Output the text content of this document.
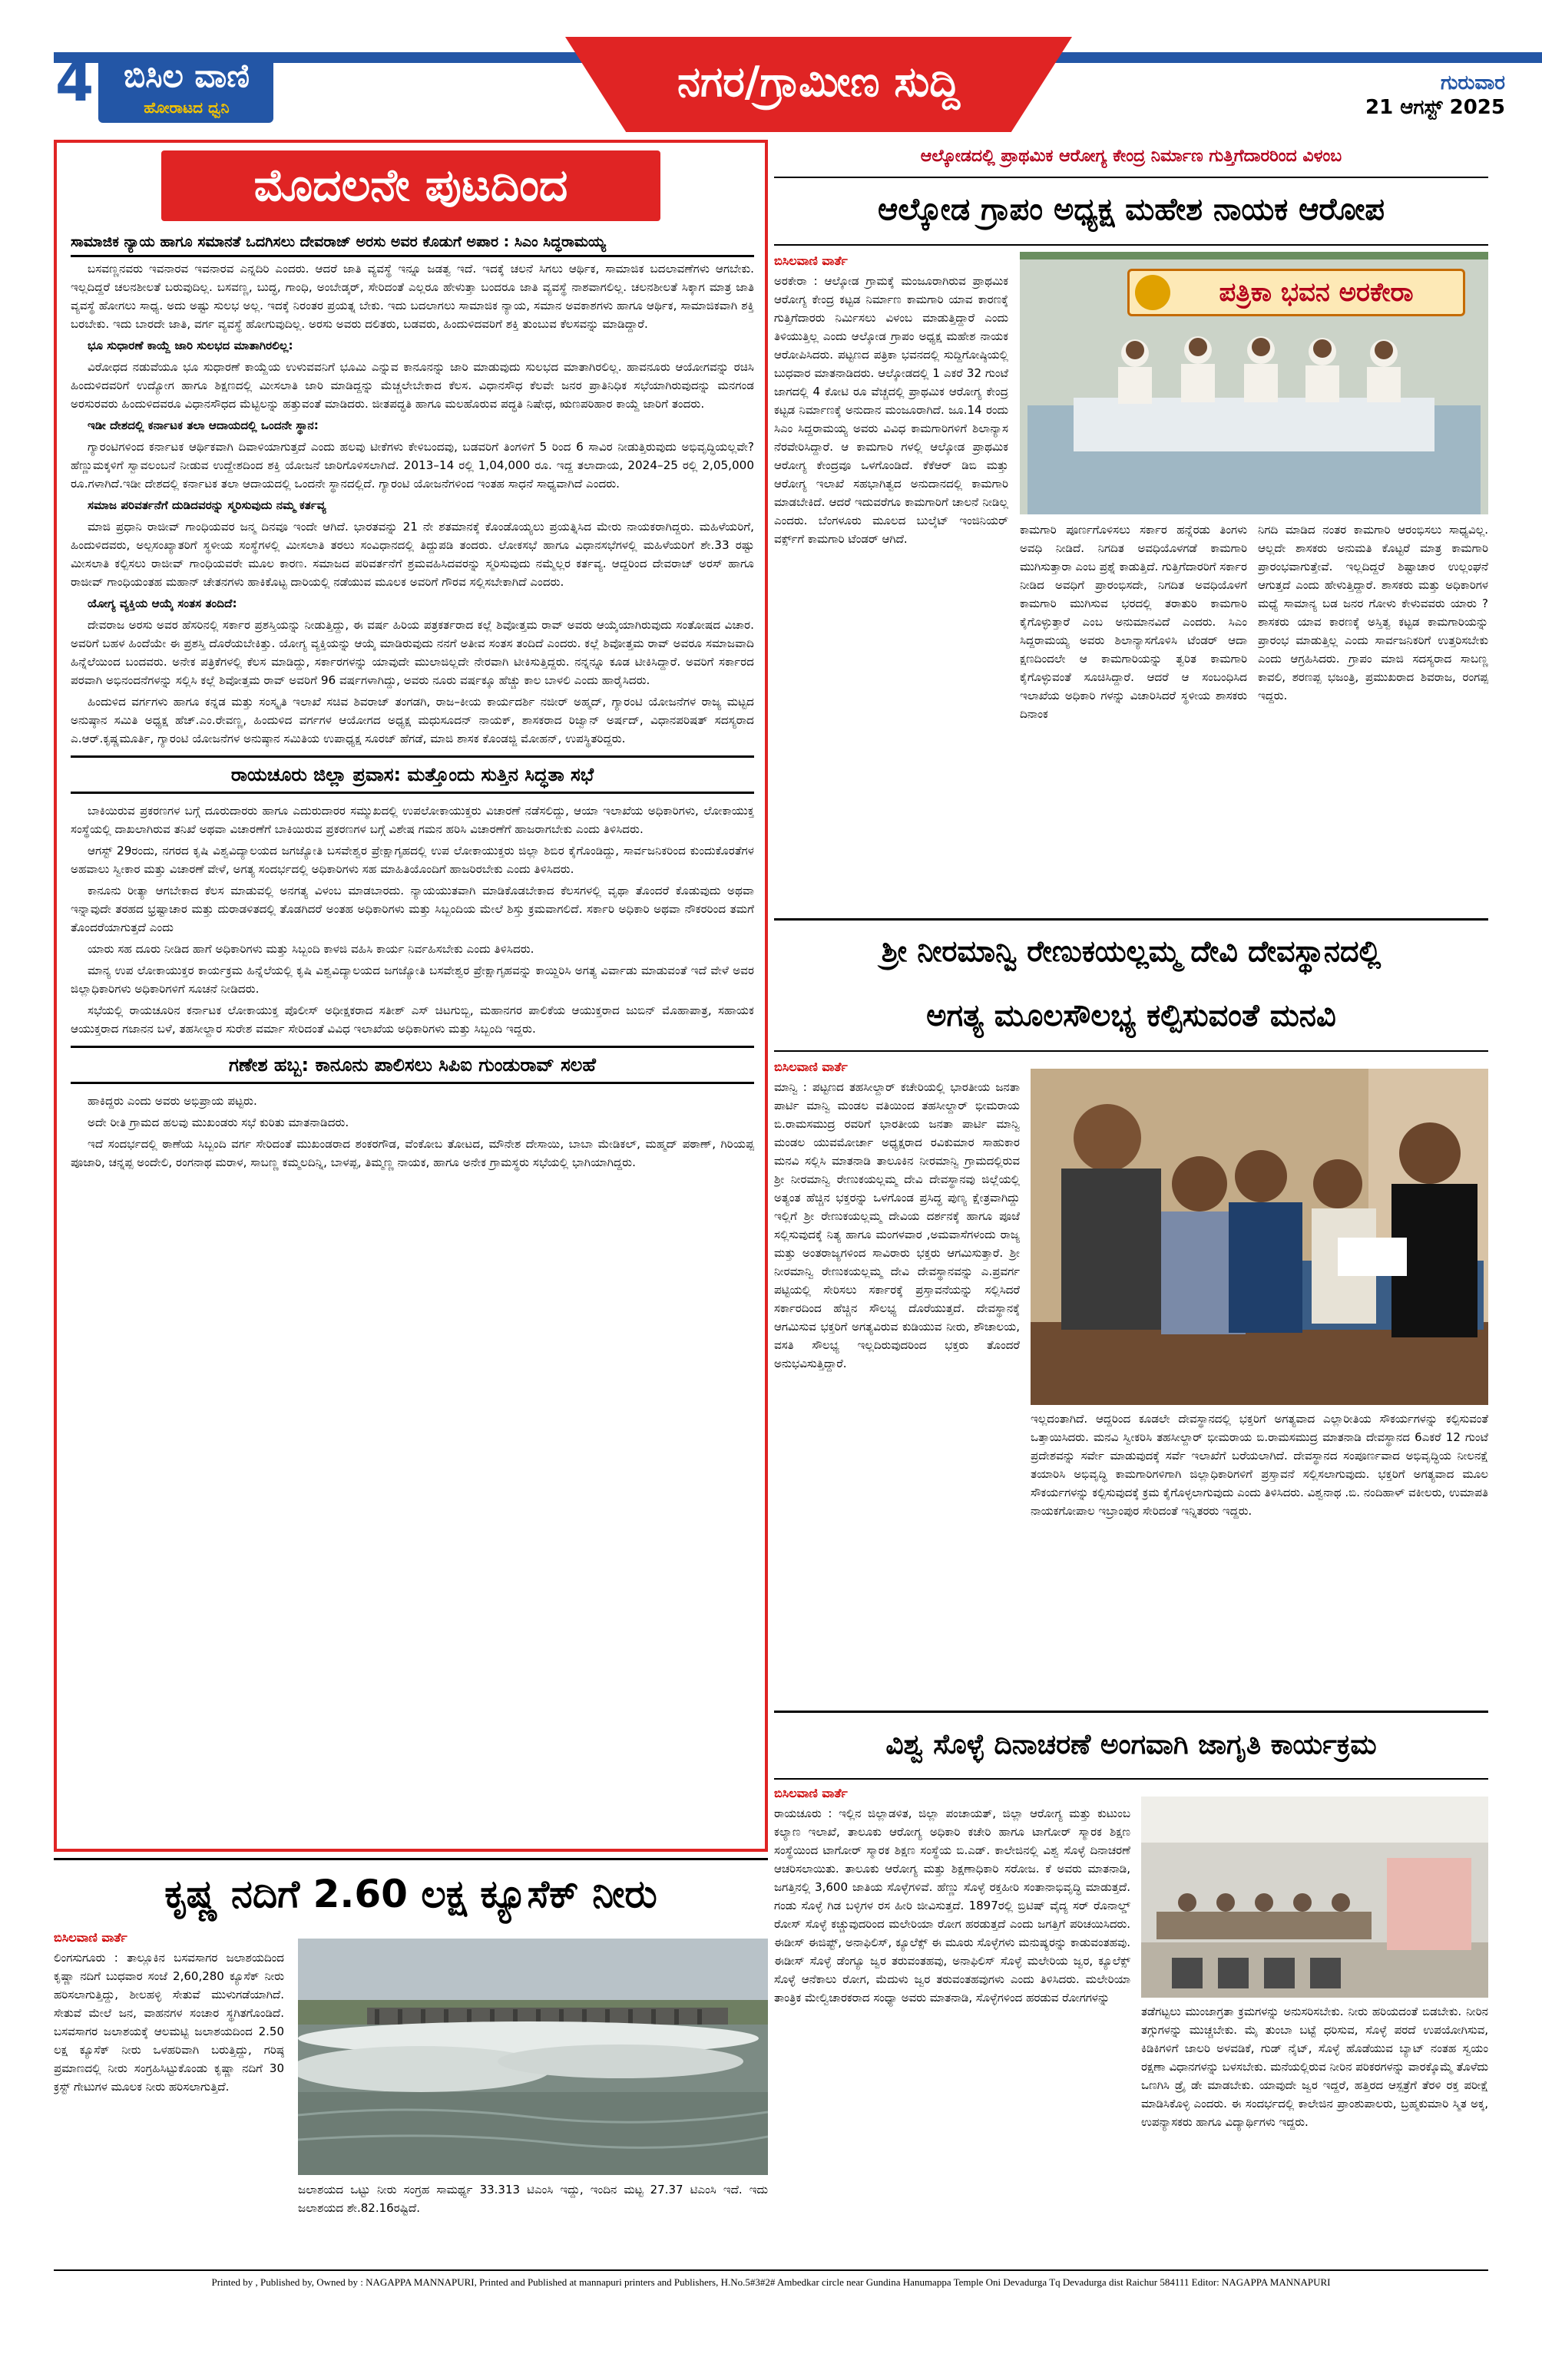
4 ಬಿಸಿಲ ವಾಣಿ
ಹೋರಾಟದ ಧ್ವನಿ
ನಗರ/ಗ್ರಾಮೀಣ ಸುದ್ದಿ	ಗುರುವಾರ
21 ಆಗಸ್ಟ್ 2025
ಮೊದಲನೇ ಪುಟದಿಂದ
ಸಾಮಾಜಿಕ ನ್ಯಾಯ ಹಾಗೂ ಸಮಾನತೆ ಒದಗಿಸಲು ದೇವರಾಜ್ ಅರಸು ಅವರ ಕೊಡುಗೆ ಅಪಾರ : ಸಿಎಂ ಸಿದ್ಧರಾಮಯ್ಯ

ಬಸವಣ್ಣನವರು ಇವನಾರವ ಇವನಾರವ ಎನ್ನದಿರಿ ಎಂದರು. ಆದರೆ ಜಾತಿ ವ್ಯವಸ್ಥೆ ಇನ್ನೂ ಜಡತ್ವ ಇದೆ. ಇದಕ್ಕೆ ಚಲನೆ ಸಿಗಲು ಆರ್ಥಿಕ, ಸಾಮಾಜಿಕ ಬದಲಾವಣೆಗಳು ಆಗಬೇಕು. ಇಲ್ಲದಿದ್ದರೆ ಚಲನಶೀಲತೆ ಬರುವುದಿಲ್ಲ. ಬಸವಣ್ಣ, ಬುದ್ಧ, ಗಾಂಧಿ, ಅಂಬೇಡ್ಕರ್, ಸೇರಿದಂತೆ ಎಲ್ಲರೂ ಹೇಳುತ್ತಾ ಬಂದರೂ ಜಾತಿ ವ್ಯವಸ್ಥೆ ನಾಶವಾಗಲಿಲ್ಲ. ಚಲನಶೀಲತೆ ಸಿಕ್ಕಾಗ ಮಾತ್ರ ಜಾತಿ ವ್ಯವಸ್ಥೆ ಹೋಗಲು ಸಾಧ್ಯ. ಅದು ಅಷ್ಟು ಸುಲಭ ಅಲ್ಲ. ಇದಕ್ಕೆ ನಿರಂತರ ಪ್ರಯತ್ನ ಬೇಕು. ಇದು ಬದಲಾಗಲು ಸಾಮಾಜಿಕ ನ್ಯಾಯ, ಸಮಾನ ಅವಕಾಶಗಳು ಹಾಗೂ ಆರ್ಥಿಕ, ಸಾಮಾಜಿಕವಾಗಿ ಶಕ್ತಿ ಬರಬೇಕು. ಇದು ಬಾರದೇ ಜಾತಿ, ವರ್ಗ ವ್ಯವಸ್ಥೆ ಹೋಗುವುದಿಲ್ಲ. ಅರಸು ಅವರು ದಲಿತರು, ಬಡವರು, ಹಿಂದುಳಿದವರಿಗೆ ಶಕ್ತಿ ತುಂಬುವ ಕೆಲಸವನ್ನು ಮಾಡಿದ್ದಾರೆ.

ಭೂ ಸುಧಾರಣೆ ಕಾಯ್ದೆ ಜಾರಿ ಸುಲಭದ ಮಾತಾಗಿರಲಿಲ್ಲ:

ವಿರೋಧದ ನಡುವೆಯೂ ಭೂ ಸುಧಾರಣೆ ಕಾಯ್ದೆಯ ಉಳುವವನಿಗೆ ಭೂಮಿ ಎನ್ನುವ ಕಾನೂನನ್ನು ಜಾರಿ ಮಾಡುವುದು ಸುಲಭದ ಮಾತಾಗಿರಲಿಲ್ಲ. ಹಾವನೂರು ಆಯೋಗವನ್ನು ರಚಿಸಿ ಹಿಂದುಳಿದವರಿಗೆ ಉದ್ಯೋಗ ಹಾಗೂ ಶಿಕ್ಷಣದಲ್ಲಿ ಮೀಸಲಾತಿ ಜಾರಿ ಮಾಡಿದ್ದನ್ನು ಮೆಚ್ಚಲೇಬೇಕಾದ ಕೆಲಸ. ವಿಧಾನಸೌಧ ಕೆಲವೇ ಜನರ ಪ್ರಾತಿನಿಧಿಕ ಸಭೆಯಾಗಿರುವುದನ್ನು ಮನಗಂಡ ಅರಸುರವರು ಹಿಂದುಳಿದವರೂ ವಿಧಾನಸೌಧದ ಮೆಟ್ಟಿಲನ್ನು ಹತ್ತುವಂತೆ ಮಾಡಿದರು. ಜೀತಪದ್ಧತಿ ಹಾಗೂ ಮಲಹೊರುವ ಪದ್ಧತಿ ನಿಷೇಧ, ಋಣಪರಿಹಾರ ಕಾಯ್ದೆ ಜಾರಿಗೆ ತಂದರು.

ಇಡೀ ದೇಶದಲ್ಲಿ ಕರ್ನಾಟಕ ತಲಾ ಆದಾಯದಲ್ಲಿ ಒಂದನೇ ಸ್ಥಾನ:

ಗ್ಯಾರಂಟಿಗಳಿಂದ ಕರ್ನಾಟಕ ಆರ್ಥಿಕವಾಗಿ ದಿವಾಳಿಯಾಗುತ್ತದೆ ಎಂದು ಹಲವು ಟೀಕೆಗಳು ಕೇಳಿಬಂದವು, ಬಡವರಿಗೆ ತಿಂಗಳಿಗೆ 5 ರಿಂದ 6 ಸಾವಿರ ನೀಡುತ್ತಿರುವುದು ಅಭಿವೃದ್ಧಿಯಲ್ಲವೇ? ಹೆಣ್ಣುಮಕ್ಕಳಿಗೆ ಸ್ವಾವಲಂಬನೆ ನೀಡುವ ಉದ್ದೇಶದಿಂದ ಶಕ್ತಿ ಯೋಜನೆ ಜಾರಿಗೊಳಿಸಲಾಗಿದೆ. 2013–14 ರಲ್ಲಿ 1,04,000 ರೂ. ಇದ್ದ ತಲಾದಾಯ, 2024–25 ರಲ್ಲಿ 2,05,000 ರೂ.ಗಳಾಗಿದೆ.ಇಡೀ ದೇಶದಲ್ಲಿ ಕರ್ನಾಟಕ ತಲಾ ಆದಾಯದಲ್ಲಿ ಒಂದನೇ ಸ್ಥಾನದಲ್ಲಿದೆ. ಗ್ಯಾರಂಟಿ ಯೋಜನೆಗಳಿಂದ ಇಂತಹ ಸಾಧನೆ ಸಾಧ್ಯವಾಗಿದೆ ಎಂದರು.

ಸಮಾಜ ಪರಿವರ್ತನೆಗೆ ದುಡಿದವರನ್ನು ಸ್ಮರಿಸುವುದು ನಮ್ಮ ಕರ್ತವ್ಯ

ಮಾಜಿ ಪ್ರಧಾನಿ ರಾಜೀವ್ ಗಾಂಧಿಯವರ ಜನ್ಮ ದಿನವೂ ಇಂದೇ ಆಗಿದೆ. ಭಾರತವನ್ನು 21 ನೇ ಶತಮಾನಕ್ಕೆ ಕೊಂಡೊಯ್ಯಲು ಪ್ರಯತ್ನಿಸಿದ ಮೇರು ನಾಯಕರಾಗಿದ್ದರು. ಮಹಿಳೆಯರಿಗೆ, ಹಿಂದುಳಿದವರು, ಅಲ್ಪಸಂಖ್ಯಾತರಿಗೆ ಸ್ಥಳೀಯ ಸಂಸ್ಥೆಗಳಲ್ಲಿ ಮೀಸಲಾತಿ ತರಲು ಸಂವಿಧಾನದಲ್ಲಿ ತಿದ್ದುಪಡಿ ತಂದರು. ಲೋಕಸಭೆ ಹಾಗೂ ವಿಧಾನಸಭೆಗಳಲ್ಲಿ ಮಹಿಳೆಯರಿಗೆ ಶೇ.33 ರಷ್ಟು ಮೀಸಲಾತಿ ಕಲ್ಪಿಸಲು ರಾಜೀವ್ ಗಾಂಧಿಯವರೇ ಮೂಲ ಕಾರಣ. ಸಮಾಜದ ಪರಿವರ್ತನೆಗೆ ಶ್ರಮವಹಿಸಿದವರನ್ನು ಸ್ಮರಿಸುವುದು ನಮ್ಮೆಲ್ಲರ ಕರ್ತವ್ಯ. ಆದ್ದರಿಂದ ದೇವರಾಜ್ ಅರಸ್ ಹಾಗೂ ರಾಜೀವ್ ಗಾಂಧಿಯಂತಹ ಮಹಾನ್ ಚೇತನಗಳು ಹಾಕಿಕೊಟ್ಟ ದಾರಿಯಲ್ಲಿ ನಡೆಯುವ ಮೂಲಕ ಅವರಿಗೆ ಗೌರವ ಸಲ್ಲಿಸಬೇಕಾಗಿದೆ ಎಂದರು.

ಯೋಗ್ಯ ವ್ಯಕ್ತಿಯ ಆಯ್ಕೆ ಸಂತಸ ತಂದಿದೆ:

ದೇವರಾಜ ಅರಸು ಅವರ ಹೆಸರಿನಲ್ಲಿ ಸರ್ಕಾರ ಪ್ರಶಸ್ತಿಯನ್ನು ನೀಡುತ್ತಿದ್ದು, ಈ ವರ್ಷ ಹಿರಿಯ ಪತ್ರಕರ್ತರಾದ ಕಲ್ಲೆ ಶಿವೋತ್ತಮ ರಾವ್ ಅವರು ಆಯ್ಕೆಯಾಗಿರುವುದು ಸಂತೋಷದ ವಿಚಾರ. ಅವರಿಗೆ ಬಹಳ ಹಿಂದೆಯೇ ಈ ಪ್ರಶಸ್ತಿ ದೊರೆಯಬೇಕಿತ್ತು. ಯೋಗ್ಯ ವ್ಯಕ್ತಿಯನ್ನು ಆಯ್ಕೆ ಮಾಡಿರುವುದು ನನಗೆ ಅತೀವ ಸಂತಸ ತಂದಿದೆ ಎಂದರು. ಕಲ್ಲೆ ಶಿವೋತ್ತಮ ರಾವ್ ಅವರೂ ಸಮಾಜವಾದಿ ಹಿನ್ನೆಲೆಯಿಂದ ಬಂದವರು. ಅನೇಕ ಪತ್ರಿಕೆಗಳಲ್ಲಿ ಕೆಲಸ ಮಾಡಿದ್ದು, ಸರ್ಕಾರಗಳನ್ನು ಯಾವುದೇ ಮುಲಾಜಿಲ್ಲದೇ ನೇರವಾಗಿ ಟೀಕಿಸುತ್ತಿದ್ದರು. ನನ್ನನ್ನೂ ಕೂಡ ಟೀಕಿಸಿದ್ದಾರೆ. ಅವರಿಗೆ ಸರ್ಕಾರದ ಪರವಾಗಿ ಅಭಿನಂದನೆಗಳನ್ನು ಸಲ್ಲಿಸಿ ಕಲ್ಲೆ ಶಿವೋತ್ತಮ ರಾವ್ ಅವರಿಗೆ 96 ವರ್ಷಗಳಾಗಿದ್ದು, ಅವರು ನೂರು ವರ್ಷಕ್ಕೂ ಹೆಚ್ಚು ಕಾಲ ಬಾಳಲಿ ಎಂದು ಹಾರೈಸಿದರು.

ಹಿಂದುಳಿದ ವರ್ಗಗಳು ಹಾಗೂ ಕನ್ನಡ ಮತ್ತು ಸಂಸ್ಕೃತಿ ಇಲಾಖೆ ಸಚಿವ ಶಿವರಾಜ್ ತಂಗಡಗಿ, ರಾಜ–ಕೀಯ ಕಾರ್ಯದರ್ಶಿ ನಜೀರ್ ಅಹ್ಮದ್, ಗ್ಯಾರಂಟಿ ಯೋಜನೆಗಳ ರಾಜ್ಯ ಮಟ್ಟದ ಅನುಷ್ಠಾನ ಸಮಿತಿ ಅಧ್ಯಕ್ಷ ಹೆಚ್.ಎಂ.ರೇವಣ್ಣ, ಹಿಂದುಳಿದ ವರ್ಗಗಳ ಆಯೋಗದ ಅಧ್ಯಕ್ಷ ಮಧುಸೂದನ್ ನಾಯಕ್, ಶಾಸಕರಾದ ರಿಜ್ವಾನ್ ಅರ್ಷದ್, ವಿಧಾನಪರಿಷತ್ ಸದಸ್ಯರಾದ ಎ.ಆರ್.ಕೃಷ್ಣಮೂರ್ತಿ, ಗ್ಯಾರಂಟಿ ಯೋಜನೆಗಳ ಅನುಷ್ಠಾನ ಸಮಿತಿಯ ಉಪಾಧ್ಯಕ್ಷ ಸೂರಜ್ ಹೆಗಡೆ, ಮಾಜಿ ಶಾಸಕ ಕೊಂಡಜ್ಜಿ ಮೋಹನ್, ಉಪಸ್ಥಿತರಿದ್ದರು.

ರಾಯಚೂರು ಜಿಲ್ಲಾ ಪ್ರವಾಸ: ಮತ್ತೊಂದು ಸುತ್ತಿನ ಸಿದ್ಧತಾ ಸಭೆ

ಬಾಕಿಯಿರುವ ಪ್ರಕರಣಗಳ ಬಗ್ಗೆ ದೂರುದಾರರು ಹಾಗೂ ಎದುರುದಾರರ ಸಮ್ಮುಖದಲ್ಲಿ ಉಪಲೋಕಾಯುಕ್ತರು ವಿಚಾರಣೆ ನಡೆಸಲಿದ್ದು, ಆಯಾ ಇಲಾಖೆಯ ಅಧಿಕಾರಿಗಳು, ಲೋಕಾಯುಕ್ತ ಸಂಸ್ಥೆಯಲ್ಲಿ ದಾಖಲಾಗಿರುವ ತನಿಖೆ ಅಥವಾ ವಿಚಾರಣೆಗೆ ಬಾಕಿಯಿರುವ ಪ್ರಕರಣಗಳ ಬಗ್ಗೆ ವಿಶೇಷ ಗಮನ ಹರಿಸಿ ವಿಚಾರಣೆಗೆ ಹಾಜರಾಗಬೇಕು ಎಂದು ತಿಳಿಸಿದರು.

ಆಗಸ್ಟ್ 29ರಂದು, ನಗರದ ಕೃಷಿ ವಿಶ್ವವಿದ್ಯಾಲಯದ ಜಗಜ್ಯೋತಿ ಬಸವೇಶ್ವರ ಪ್ರೇಕ್ಷಾಗೃಹದಲ್ಲಿ ಉಪ ಲೋಕಾಯುಕ್ತರು ಜಿಲ್ಲಾ ಶಿಬಿರ ಕೈಗೊಂಡಿದ್ದು, ಸಾರ್ವಜನಿಕರಿಂದ ಕುಂದುಕೊರತೆಗಳ ಅಹವಾಲು ಸ್ವೀಕಾರ ಮತ್ತು ವಿಚಾರಣೆ ವೇಳೆ, ಅಗತ್ಯ ಸಂದರ್ಭದಲ್ಲಿ ಅಧಿಕಾರಿಗಳು ಸಹ ಮಾಹಿತಿಯೊಂದಿಗೆ ಹಾಜರಿರಬೇಕು ಎಂದು ತಿಳಿಸಿದರು.

ಕಾನೂನು ರೀತ್ಯಾ ಆಗಬೇಕಾದ ಕೆಲಸ ಮಾಡುವಲ್ಲಿ ಅನಗತ್ಯ ವಿಳಂಬ ಮಾಡಬಾರದು. ನ್ಯಾಯಯುತವಾಗಿ ಮಾಡಿಕೊಡಬೇಕಾದ ಕೆಲಸಗಳಲ್ಲಿ ವೃಥಾ ತೊಂದರೆ ಕೊಡುವುದು ಅಥವಾ ಇನ್ನಾವುದೇ ತರಹದ ಭ್ರಷ್ಟಾಚಾರ ಮತ್ತು ದುರಾಡಳಿತದಲ್ಲಿ ತೊಡಗಿದರೆ ಅಂತಹ ಅಧಿಕಾರಿಗಳು ಮತ್ತು ಸಿಬ್ಬಂದಿಯ ಮೇಲೆ ಶಿಸ್ತು ಕ್ರಮವಾಗಲಿದೆ. ಸರ್ಕಾರಿ ಅಧಿಕಾರಿ ಅಥವಾ ನೌಕರರಿಂದ ತಮಗೆ ತೊಂದರೆಯಾಗುತ್ತದೆ ಎಂದು

ಯಾರು ಸಹ ದೂರು ನೀಡಿದ ಹಾಗೆ ಅಧಿಕಾರಿಗಳು ಮತ್ತು ಸಿಬ್ಬಂದಿ ಕಾಳಜಿ ವಹಿಸಿ ಕಾರ್ಯ ನಿರ್ವಹಿಸಬೇಕು ಎಂದು ತಿಳಿಸಿದರು.

ಮಾನ್ಯ ಉಪ ಲೋಕಾಯುಕ್ತರ ಕಾರ್ಯಕ್ರಮ ಹಿನ್ನೆಲೆಯಲ್ಲಿ ಕೃಷಿ ವಿಶ್ವವಿದ್ಯಾಲಯದ ಜಗಜ್ಯೋತಿ ಬಸವೇಶ್ವರ ಪ್ರೇಕ್ಷಾಗೃಹವನ್ನು ಕಾಯ್ದಿರಿಸಿ ಅಗತ್ಯ ವಿರ್ವಾಡು ಮಾಡುವಂತೆ ಇದೆ ವೇಳೆ ಅವರ ಜಿಲ್ಲಾಧಿಕಾರಿಗಳು ಅಧಿಕಾರಿಗಳಿಗೆ ಸೂಚನೆ ನೀಡಿದರು.

ಸಭೆಯಲ್ಲಿ ರಾಯಚೂರಿನ ಕರ್ನಾಟಕ ಲೋಕಾಯುಕ್ತ ಪೊಲೀಸ್ ಅಧೀಕ್ಷಕರಾದ ಸತೀಶ್ ಎಸ್ ಚಿಟಗುಬ್ಬಿ, ಮಹಾನಗರ ಪಾಲಿಕೆಯ ಆಯುಕ್ತರಾದ ಜುಬಿನ್ ಮೊಹಾಪಾತ್ರ, ಸಹಾಯಕ ಆಯುಕ್ತರಾದ ಗಜಾನನ ಬಳೆ, ತಹಸೀಲ್ದಾರ ಸುರೇಶ ವರ್ಮಾ ಸೇರಿದಂತೆ ವಿವಿಧ ಇಲಾಖೆಯ ಅಧಿಕಾರಿಗಳು ಮತ್ತು ಸಿಬ್ಬಂದಿ ಇದ್ದರು.

ಗಣೇಶ ಹಬ್ಬ: ಕಾನೂನು ಪಾಲಿಸಲು ಸಿಪಿಐ ಗುಂಡುರಾವ್ ಸಲಹೆ

ಹಾಕಿದ್ದರು ಎಂದು ಅವರು ಅಭಿಪ್ರಾಯ ಪಟ್ಟರು.

ಅದೇ ರೀತಿ ಗ್ರಾಮದ ಹಲವು ಮುಖಂಡರು ಸಭೆ ಕುರಿತು ಮಾತನಾಡಿದರು.

ಇದೆ ಸಂದರ್ಭದಲ್ಲಿ ಠಾಣೆಯ ಸಿಬ್ಬಂದಿ ವರ್ಗ ಸೇರಿದಂತೆ ಮುಖಂಡರಾದ ಶಂಕರಗೌಡ, ವೆಂಕೋಬ ತೋಟದ, ಮೌನೇಶ ದೇಸಾಯಿ, ಬಾಬಾ ಮೇಡಿಕಲ್, ಮಹ್ಮದ್ ಪಠಾಣ್, ಗಿರಿಯಪ್ಪ ಪೂಜಾರಿ, ಚನ್ನಪ್ಪ ಅಂದೇಲಿ, ರಂಗನಾಥ ಮರಾಳ, ಸಾಬಣ್ಣ ಕಮ್ಮಲದಿನ್ನಿ, ಬಾಳಪ್ಪ, ತಿಮ್ಮಣ್ಣ ನಾಯಕ, ಹಾಗೂ ಅನೇಕ ಗ್ರಾಮಸ್ಥರು ಸಭೆಯಲ್ಲಿ ಭಾಗಿಯಾಗಿದ್ದರು.

ಕೃಷ್ಣ ನದಿಗೆ 2.60 ಲಕ್ಷ ಕ್ಯೂಸೆಕ್ ನೀರು
ಬಿಸಿಲವಾಣಿ ವಾರ್ತೆ

ಲಿಂಗಸುಗೂರು : ತಾಲ್ಲೂಕಿನ ಬಸವಸಾಗರ ಜಲಾಶಯದಿಂದ ಕೃಷ್ಣಾ ನದಿಗೆ ಬುಧವಾರ ಸಂಜೆ 2,60,280 ಕ್ಯೂಸೆಕ್ ನೀರು ಹರಿಸಲಾಗುತ್ತಿದ್ದು, ಶೀಲಹಳ್ಳಿ ಸೇತುವೆ ಮುಳುಗಡೆಯಾಗಿದೆ. ಸೇತುವೆ ಮೇಲೆ ಜನ, ವಾಹನಗಳ ಸಂಚಾರ ಸ್ಥಗಿತಗೊಂಡಿದೆ. ಬಸವಸಾಗರ ಜಲಾಶಯಕ್ಕೆ ಆಲಮಟ್ಟಿ ಜಲಾಶಯದಿಂದ 2.50 ಲಕ್ಷ ಕ್ಯೂಸೆಕ್ ನೀರು ಒಳಹರಿವಾಗಿ ಬರುತ್ತಿದ್ದು, ಗರಿಷ್ಠ ಪ್ರಮಾಣದಲ್ಲಿ ನೀರು ಸಂಗ್ರಹಿಸಿಟ್ಟುಕೊಂಡು ಕೃಷ್ಣಾ ನದಿಗೆ 30 ಕ್ರಸ್ಟ್ ಗೇಟುಗಳ ಮೂಲಕ ನೀರು ಹರಿಸಲಾಗುತ್ತಿದೆ.

ಜಲಾಶಯದ ಒಟ್ಟು ನೀರು ಸಂಗ್ರಹ ಸಾಮರ್ಥ್ಯ 33.313 ಟಿಎಂಸಿ ಇದ್ದು, ಇಂದಿನ ಮಟ್ಟ 27.37 ಟಿಎಂಸಿ ಇದೆ. ಇದು ಜಲಾಶಯದ ಶೇ.82.16ರಷ್ಟಿದೆ.
ಆಲ್ಕೋಡದಲ್ಲಿ ಪ್ರಾಥಮಿಕ ಆರೋಗ್ಯ ಕೇಂದ್ರ ನಿರ್ಮಾಣ ಗುತ್ತಿಗೆದಾರರಿಂದ ವಿಳಂಬ
ಆಲ್ಕೋಡ ಗ್ರಾಪಂ ಅಧ್ಯಕ್ಷ ಮಹೇಶ ನಾಯಕ ಆರೋಪ
ಬಿಸಿಲವಾಣಿ ವಾರ್ತೆ

ಅರಕೇರಾ : ಆಲ್ಕೋಡ ಗ್ರಾಮಕ್ಕೆ ಮಂಜೂರಾಗಿರುವ ಪ್ರಾಥಮಿಕ ಆರೋಗ್ಯ ಕೇಂದ್ರ ಕಟ್ಟಡ ನಿರ್ಮಾಣ ಕಾಮಗಾರಿ ಯಾವ ಕಾರಣಕ್ಕೆ ಗುತ್ತಿಗೆದಾರರು ನಿರ್ಮಿಸಲು ವಿಳಂಬ ಮಾಡುತ್ತಿದ್ದಾರೆ ಎಂದು ತಿಳಿಯುತ್ತಿಲ್ಲ ಎಂದು ಆಲ್ಕೋಡ ಗ್ರಾಪಂ ಅಧ್ಯಕ್ಷ ಮಹೇಶ ನಾಯಕ ಆರೋಪಿಸಿದರು. ಪಟ್ಟಣದ ಪತ್ರಿಕಾ ಭವನದಲ್ಲಿ ಸುದ್ದಿಗೋಷ್ಠಿಯಲ್ಲಿ ಬುಧವಾರ ಮಾತನಾಡಿದರು. ಆಲ್ಕೋಡದಲ್ಲಿ 1 ಎಕರೆ 32 ಗುಂಟೆ ಜಾಗದಲ್ಲಿ 4 ಕೋಟಿ ರೂ ವೆಚ್ಚದಲ್ಲಿ ಪ್ರಾಥಮಿಕ ಆರೋಗ್ಯ ಕೇಂದ್ರ ಕಟ್ಟಡ ನಿರ್ಮಾಣಕ್ಕೆ ಅನುದಾನ ಮಂಜೂರಾಗಿದೆ. ಜೂ.14 ರಂದು ಸಿಎಂ ಸಿದ್ದರಾಮಯ್ಯ ಅವರು ವಿವಿಧ ಕಾಮಗಾರಿಗಳಿಗೆ ಶಿಲಾನ್ಯಾಸ ನೆರವೇರಿಸಿದ್ದಾರೆ. ಆ ಕಾಮಗಾರಿ ಗಳಲ್ಲಿ ಆಲ್ಕೋಡ ಪ್ರಾಥಮಿಕ ಆರೋಗ್ಯ ಕೇಂದ್ರವೂ ಒಳಗೊಂಡಿದೆ. ಕೆಕೆಆರ್ ಡಿಬಿ ಮತ್ತು ಆರೋಗ್ಯ ಇಲಾಖೆ ಸಹಭಾಗಿತ್ವದ ಅನುದಾನದಲ್ಲಿ ಕಾಮಗಾರಿ ಮಾಡಬೇಕಿದೆ. ಆದರೆ ಇದುವರೆಗೂ ಕಾಮಗಾರಿಗೆ ಚಾಲನೆ ನೀಡಿಲ್ಲ ಎಂದರು. ಬೆಂಗಳೂರು ಮೂಲದ ಬುಲ್ಕೆಟ್ ಇಂಜಿನಿಯರ್ ವರ್ಕ್ಸ್‌ಗೆ ಕಾಮಗಾರಿ ಟೆಂಡರ್ ಆಗಿದೆ.

ಪತ್ರಿಕಾ ಭವನ ಅರಕೇರಾ
ಕಾಮಗಾರಿ ಪೂರ್ಣಗೊಳಿಸಲು ಸರ್ಕಾರ ಹನ್ನೆರಡು ತಿಂಗಳು ಅವಧಿ ನೀಡಿದೆ. ನಿಗದಿತ ಅವಧಿಯೊಳಗಡೆ ಕಾಮಗಾರಿ ಮುಗಿಸುತ್ತಾರಾ ಎಂಬ ಪ್ರಶ್ನೆ ಕಾಡುತ್ತಿದೆ. ಗುತ್ತಿಗೆದಾರರಿಗೆ ಸರ್ಕಾರ ನೀಡಿದ ಅವಧಿಗೆ ಪ್ರಾರಂಭಿಸದೇ, ನಿಗದಿತ ಅವಧಿಯೊಳಗೆ ಕಾಮಗಾರಿ ಮುಗಿಸುವ ಭರದಲ್ಲಿ ತರಾತುರಿ ಕಾಮಗಾರಿ ಕೈಗೊಳ್ಳುತ್ತಾರೆ ಎಂಬ ಅನುಮಾನವಿದೆ ಎಂದರು. ಸಿಎಂ ಸಿದ್ದರಾಮಯ್ಯ ಅವರು ಶಿಲಾನ್ಯಾಸಗೊಳಿಸಿ ಟೆಂಡರ್ ಆದಾ ಕ್ಷಣದಿಂದಲೇ ಆ ಕಾಮಗಾರಿಯನ್ನು ತ್ವರಿತ ಕಾಮಗಾರಿ ಕೈಗೊಳ್ಳುವಂತೆ ಸೂಚಿಸಿದ್ದಾರೆ. ಆದರೆ ಆ ಸಂಬಂಧಿಸಿದ ಇಲಾಖೆಯ ಅಧಿಕಾರಿ ಗಳನ್ನು ವಿಚಾರಿಸಿದರೆ ಸ್ಥಳೀಯ ಶಾಸಕರು ದಿನಾಂಕ
ನಿಗದಿ ಮಾಡಿದ ನಂತರ ಕಾಮಗಾರಿ ಆರಂಭಿಸಲು ಸಾಧ್ಯವಿಲ್ಲ. ಆಲ್ಲದೇ ಶಾಸಕರು ಅನುಮತಿ ಕೊಟ್ಟರೆ ಮಾತ್ರ ಕಾಮಗಾರಿ ಪ್ರಾರಂಭವಾಗುತ್ತೇವೆ. ಇಲ್ಲದಿದ್ದರೆ ಶಿಷ್ಟಾಚಾರ ಉಲ್ಲಂಘನೆ ಆಗುತ್ತದೆ ಎಂದು ಹೇಳುತ್ತಿದ್ದಾರೆ. ಶಾಸಕರು ಮತ್ತು ಅಧಿಕಾರಿಗಳ ಮಧ್ಯೆ ಸಾಮಾನ್ಯ ಬಡ ಜನರ ಗೋಳು ಕೇಳುವವರು ಯಾರು ? ಶಾಸಕರು ಯಾವ ಕಾರಣಕ್ಕೆ ಅಸ್ತಿತ್ವ ಕಟ್ಟಡ ಕಾಮಗಾರಿಯನ್ನು ಪ್ರಾರಂಭ ಮಾಡುತ್ತಿಲ್ಲ ಎಂದು ಸಾರ್ವಜನಿಕರಿಗೆ ಉತ್ತರಿಸಬೇಕು ಎಂದು ಆಗ್ರಹಿಸಿದರು. ಗ್ರಾಪಂ ಮಾಜಿ ಸದಸ್ಯರಾದ ಸಾಬಣ್ಣ ಕಾವಲಿ, ಶರಣಪ್ಪ ಭಜಂತ್ರಿ, ಪ್ರಮುಖರಾದ ಶಿವರಾಜ, ರಂಗಪ್ಪ ಇದ್ದರು.
ಶ್ರೀ ನೀರಮಾನ್ವಿ ರೇಣುಕಯಲ್ಲಮ್ಮ ದೇವಿ ದೇವಸ್ಥಾನದಲ್ಲಿ
ಅಗತ್ಯ ಮೂಲಸೌಲಭ್ಯ ಕಲ್ಪಿಸುವಂತೆ ಮನವಿ
ಬಿಸಿಲವಾಣಿ ವಾರ್ತೆ

ಮಾನ್ವಿ : ಪಟ್ಟಣದ ತಹಸೀಲ್ದಾರ್ ಕಚೇರಿಯಲ್ಲಿ ಭಾರತೀಯ ಜನತಾ ಪಾರ್ಟಿ ಮಾನ್ವಿ ಮಂಡಲ ವತಿಯಿಂದ ತಹಸೀಲ್ದಾರ್ ಭೀಮರಾಯ ಬಿ.ರಾಮಸಮುದ್ರ ರವರಿಗೆ ಭಾರತೀಯ ಜನತಾ ಪಾರ್ಟಿ ಮಾನ್ವಿ ಮಂಡಲ ಯುವಮೋರ್ಚಾ ಅಧ್ಯಕ್ಷರಾದ ರವಿಕುಮಾರ ಸಾಹುಕಾರ ಮನವಿ ಸಲ್ಲಿಸಿ ಮಾತನಾಡಿ ತಾಲೂಕಿನ ನೀರಮಾನ್ವಿ ಗ್ರಾಮದಲ್ಲಿರುವ ಶ್ರೀ ನೀರಮಾನ್ವಿ ರೇಣುಕಯಲ್ಲಮ್ಮ ದೇವಿ ದೇವಸ್ಥಾನವು ಜಿಲ್ಲೆಯಲ್ಲಿ ಅತ್ಯಂತ ಹೆಚ್ಚಿನ ಭಕ್ತರನ್ನು ಒಳಗೊಂಡ ಪ್ರಸಿದ್ಧ ಪುಣ್ಯ ಕ್ಷೇತ್ರವಾಗಿದ್ದು ಇಲ್ಲಿಗೆ ಶ್ರೀ ರೇಣುಕಯಲ್ಲಮ್ಮ ದೇವಿಯ ದರ್ಶನಕ್ಕೆ ಹಾಗೂ ಪೂಜೆ ಸಲ್ಲಿಸುವುದಕ್ಕೆ ನಿತ್ಯ ಹಾಗೂ ಮಂಗಳವಾರ ,ಅಮವಾಸೆಗಳಂದು ರಾಜ್ಯ ಮತ್ತು ಅಂತರಾಜ್ಯಗಳಿಂದ ಸಾವಿರಾರು ಭಕ್ತರು ಆಗಮಿಸುತ್ತಾರೆ. ಶ್ರೀ ನೀರಮಾನ್ವಿ ರೇಣುಕಯಲ್ಲಮ್ಮ ದೇವಿ ದೇವಸ್ಥಾನವನ್ನು ಎ.ಪ್ರವರ್ಗ ಪಟ್ಟಿಯಲ್ಲಿ ಸೇರಿಸಲು ಸರ್ಕಾರಕ್ಕೆ ಪ್ರಸ್ತಾವನೆಯನ್ನು ಸಲ್ಲಿಸಿದರೆ ಸರ್ಕಾರದಿಂದ ಹೆಚ್ಚಿನ ಸೌಲಭ್ಯ ದೊರೆಯುತ್ತದೆ. ದೇವಸ್ಥಾನಕ್ಕೆ ಆಗಮಿಸುವ ಭಕ್ತರಿಗೆ ಅಗತ್ಯವಿರುವ ಕುಡಿಯುವ ನೀರು, ಶೌಚಾಲಯ, ವಸತಿ ಸೌಲಭ್ಯ ಇಲ್ಲದಿರುವುದರಿಂದ ಭಕ್ತರು ತೊಂದರೆ ಅನುಭವಿಸುತ್ತಿದ್ದಾರೆ.

ಇಲ್ಲದಂತಾಗಿದೆ. ಆದ್ದರಿಂದ ಕೂಡಲೇ ದೇವಸ್ಥಾನದಲ್ಲಿ ಭಕ್ತರಿಗೆ ಅಗತ್ಯವಾದ ಎಲ್ಲಾರೀತಿಯ ಸೌಕರ್ಯಗಳನ್ನು ಕಲ್ಪಿಸುವಂತೆ ಒತ್ತಾಯಿಸಿದರು. ಮನವಿ ಸ್ವೀಕರಿಸಿ ತಹಸೀಲ್ದಾರ್ ಭೀಮರಾಯ ಬಿ.ರಾಮಸಮುದ್ರ ಮಾತನಾಡಿ ದೇವಸ್ಥಾನದ 6ಎಕರೆ 12 ಗುಂಟೆ ಪ್ರದೇಶವನ್ನು ಸರ್ವೇ ಮಾಡುವುದಕ್ಕೆ ಸರ್ವೆ ಇಲಾಖೆಗೆ ಬರೆಯಲಾಗಿದೆ. ದೇವಸ್ಥಾನದ ಸಂಪೂರ್ಣವಾದ ಅಭಿವೃದ್ಧಿಯ ನೀಲನಕ್ಷೆ ತಯಾರಿಸಿ ಅಭಿವೃದ್ಧಿ ಕಾಮಗಾರಿಗಳಿಗಾಗಿ ಜಿಲ್ಲಾಧಿಕಾರಿಗಳಿಗೆ ಪ್ರಸ್ತಾವನೆ ಸಲ್ಲಿಸಲಾಗುವುದು. ಭಕ್ತರಿಗೆ ಅಗತ್ಯವಾದ ಮೂಲ ಸೌಕರ್ಯಗಳನ್ನು ಕಲ್ಪಿಸುವುದಕ್ಕೆ ಕ್ರಮ ಕೈಗೊಳ್ಳಲಾಗುವುದು ಎಂದು ತಿಳಿಸಿದರು. ವಿಶ್ವನಾಥ .ಬಿ. ನಂದಿಹಾಳ್ ವಕೀಲರು, ಉಮಾಪತಿ ನಾಯಕಗೋಪಾಲ ಇಬ್ರಾಂಪುರ ಸೇರಿದಂತೆ ಇನ್ನಿತರರು ಇದ್ದರು.
ವಿಶ್ವ ಸೊಳ್ಳೆ ದಿನಾಚರಣೆ ಅಂಗವಾಗಿ ಜಾಗೃತಿ ಕಾರ್ಯಕ್ರಮ
ಬಿಸಿಲವಾಣಿ ವಾರ್ತೆ

ರಾಯಚೂರು : ಇಲ್ಲಿನ ಜಿಲ್ಲಾಡಳಿತ, ಜಿಲ್ಲಾ ಪಂಚಾಯತ್, ಜಿಲ್ಲಾ ಆರೋಗ್ಯ ಮತ್ತು ಕುಟುಂಬ ಕಲ್ಯಾಣ ಇಲಾಖೆ, ತಾಲೂಕು ಆರೋಗ್ಯ ಅಧಿಕಾರಿ ಕಚೇರಿ ಹಾಗೂ ಟಾಗೋರ್ ಸ್ಮಾರಕ ಶಿಕ್ಷಣ ಸಂಸ್ಥೆಯಿಂದ ಟಾಗೋರ್ ಸ್ಮಾರಕ ಶಿಕ್ಷಣ ಸಂಸ್ಥೆಯ ಬಿ.ಎಡ್. ಕಾಲೇಜಿನಲ್ಲಿ ವಿಶ್ವ ಸೊಳ್ಳೆ ದಿನಾಚರಣೆ ಆಚರಿಸಲಾಯಿತು. ತಾಲೂಕು ಆರೋಗ್ಯ ಮತ್ತು ಶಿಕ್ಷಣಾಧಿಕಾರಿ ಸರೋಜ. ಕೆ ಅವರು ಮಾತನಾಡಿ, ಜಗತ್ತಿನಲ್ಲಿ 3,600 ಜಾತಿಯ ಸೊಳ್ಳೆಗಳಿವೆ. ಹೆಣ್ಣು ಸೊಳ್ಳೆ ರಕ್ತಹೀರಿ ಸಂತಾನಾಭಿವೃದ್ಧಿ ಮಾಡುತ್ತದೆ. ಗಂಡು ಸೊಳ್ಳೆ ಗಿಡ ಬಳ್ಳಿಗಳ ರಸ ಹೀರಿ ಜೀವಿಸುತ್ತದೆ. 1897ರಲ್ಲಿ ಬ್ರಿಟಿಷ್ ವೈದ್ಯ ಸರ್ ರೊನಾಲ್ಡ್ ರೋಸ್ ಸೊಳ್ಳೆ ಕಚ್ಚುವುದರಿಂದ ಮಲೇರಿಯಾ ರೋಗ ಹರಡುತ್ತದೆ ಎಂದು ಜಗತ್ತಿಗೆ ಪರಿಚಯಿಸಿದರು. ಈಡೀಸ್ ಈಜಿಪ್ಟ್, ಅನಾಫಿಲಿಸ್, ಕ್ಯೂಲೆಕ್ಸ್ ಈ ಮೂರು ಸೊಳ್ಳೆಗಳು ಮನುಷ್ಯರನ್ನು ಕಾಡುವಂತಹವು. ಈಡೀಸ್ ಸೊಳ್ಳೆ ಡೆಂಗ್ಯೂ ಜ್ವರ ತರುವಂತಹವು, ಅನಾಫಿಲಿಸ್ ಸೊಳ್ಳೆ ಮಲೇರಿಯ ಜ್ವರ, ಕ್ಯೂಲೆಕ್ಸ್ ಸೊಳ್ಳೆ ಆನೆಕಾಲು ರೋಗ, ಮೆದುಳು ಜ್ವರ ತರುವಂತಹವುಗಳು ಎಂದು ತಿಳಿಸಿದರು. ಮಲೇರಿಯಾ ತಾಂತ್ರಿಕ ಮೇಲ್ವಿಚಾರಕರಾದ ಸಂಧ್ಯಾ ಅವರು ಮಾತನಾಡಿ, ಸೊಳ್ಳೆಗಳಿಂದ ಹರಡುವ ರೋಗಗಳನ್ನು

ತಡೆಗಟ್ಟಲು ಮುಂಜಾಗ್ರತಾ ಕ್ರಮಗಳನ್ನು ಅನುಸರಿಸಬೇಕು. ನೀರು ಹರಿಯದಂತೆ ಬಿಡಬೇಕು. ನೀರಿನ ತಗ್ಗುಗಳನ್ನು ಮುಚ್ಚಬೇಕು. ಮೈ ತುಂಬಾ ಬಟ್ಟೆ ಧರಿಸುವ, ಸೊಳ್ಳೆ ಪರದೆ ಉಪಯೋಗಿಸುವ, ಕಿಡಿಕಿಗಳಿಗೆ ಜಾಲರಿ ಅಳವಡಿಕೆ, ಗುಡ್ ನೈಟ್, ಸೊಳ್ಳೆ ಹೊಡೆಯುವ ಬ್ಯಾಟ್ ನಂತಹ ಸ್ವಯಂ ರಕ್ಷಣಾ ವಿಧಾನಗಳನ್ನು ಬಳಸಬೇಕು. ಮನೆಯಲ್ಲಿರುವ ನೀರಿನ ಪರಿಕರಗಳನ್ನು ವಾರಕ್ಕೊಮ್ಮೆ ತೊಳೆದು ಒಣಗಿಸಿ ಡ್ರೈ ಡೇ ಮಾಡಬೇಕು. ಯಾವುದೇ ಜ್ವರ ಇದ್ದರೆ, ಹತ್ತಿರದ ಆಸ್ಪತ್ರೆಗೆ ತೆರಳಿ ರಕ್ತ ಪರೀಕ್ಷೆ ಮಾಡಿಸಿಕೊಳ್ಳಿ ಎಂದರು. ಈ ಸಂದರ್ಭದಲ್ಲಿ ಕಾಲೇಜಿನ ಪ್ರಾಂಶುಪಾಲರು, ಬ್ರಹ್ಮಕುಮಾರಿ ಸ್ಮಿತ ಅಕ್ಕ, ಉಪನ್ಯಾಸಕರು ಹಾಗೂ ವಿದ್ಯಾರ್ಥಿಗಳು ಇದ್ದರು.
Printed by , Published by, Owned by : NAGAPPA MANNAPURI, Printed and Published at mannapuri printers and Publishers, H.No.5#3#2# Ambedkar circle near Gundina Hanumappa Temple Oni Devadurga Tq Devadurga dist Raichur 584111 Editor: NAGAPPA MANNAPURI
